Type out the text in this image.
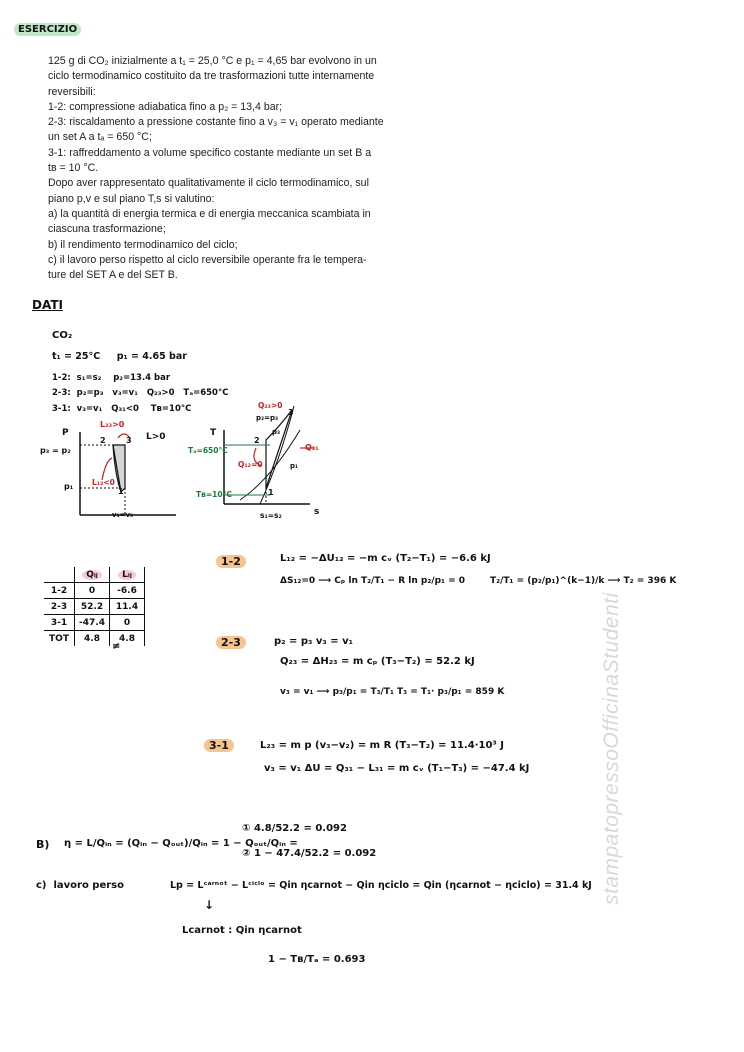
ESERCIZIO
125 g di CO₂ inizialmente a t₁ = 25,0 °C e p₁ = 4,65 bar evolvono in un
ciclo termodinamico costituito da tre trasformazioni tutte internamente
reversibili:
1-2: compressione adiabatica fino a p₂ = 13,4 bar;
2-3: riscaldamento a pressione costante fino a v₃ = v₁ operato mediante
un set A a tₐ = 650 °C;
3-1: raffreddamento a volume specifico costante mediante un set B a
tʙ = 10 °C.
Dopo aver rappresentato qualitativamente il ciclo termodinamico, sul
piano p,v e sul piano T,s si valutino:
a) la quantità di energia termica e di energia meccanica scambiata in
ciascuna trasformazione;
b) il rendimento termodinamico del ciclo;
c) il lavoro perso rispetto al ciclo reversibile operante fra le tempera-
ture del SET A e del SET B.
DATI
CO₂
t₁ = 25°C     p₁ = 4.65 bar
1-2:  s₁=s₂    p₂=13.4 bar
2-3:  p₂=p₃   v₃=v₁   Q₂₃>0   Tₐ=650°C
3-1:  v₃=v₁   Q₃₁<0    Tʙ=10°C
P
p₃ = p₂
p₁
L₂₃>0
L₁₂<0
L>0
2	3
1
v₁=v₃
T
Tₐ=650°C
Tʙ=10°C
Q₂₃>0
p₂=p₃
Q₃₁
Q₁₂=0
p₃
p₁
2
3
1
s₁=s₂	s
	Qᵢⱼ	Lᵢⱼ
1-2	0	-6.6
2-3	52.2	11.4
3-1	-47.4	0
TOT	4.8	4.8
≠
1-2	L₁₂ = −ΔU₁₂ = −m cᵥ (T₂−T₁) = −6.6 kJ
ΔS₁₂=0 ⟶ Cₚ ln T₂/T₁ − R ln p₂/p₁ = 0	T₂/T₁ = (p₂/p₁)^(k−1)/k ⟶ T₂ = 396 K
2-3	p₂ = p₃ v₃ = v₁
Q₂₃ = ΔH₂₃ = m cₚ (T₃−T₂) = 52.2 kJ
v₃ = v₁ ⟶ p₃/p₁ = T₃/T₁ T₃ = T₁· p₃/p₁ = 859 K
3-1	L₂₃ = m p (v₃−v₂) = m R (T₃−T₂) = 11.4·10³ J
v₃ = v₁ ΔU = Q₃₁ − L₃₁ = m cᵥ (T₁−T₃) = −47.4 kJ
B) η = L/Qᵢₙ = (Qᵢₙ − Qₒᵤₜ)/Qᵢₙ = 1 − Qₒᵤₜ/Qᵢₙ =
① 4.8/52.2 = 0.092
② 1 − 47.4/52.2 = 0.092
c)  lavoro perso	Lp = Lᶜᵃʳⁿᵒᵗ − Lᶜⁱᶜˡᵒ = Qin ηcarnot − Qin ηciclo = Qin (ηcarnot − ηciclo) = 31.4 kJ
↓
Lcarnot : Qin ηcarnot
1 − Tʙ/Tₐ = 0.693
stampatopressoOfficinaStudenti
